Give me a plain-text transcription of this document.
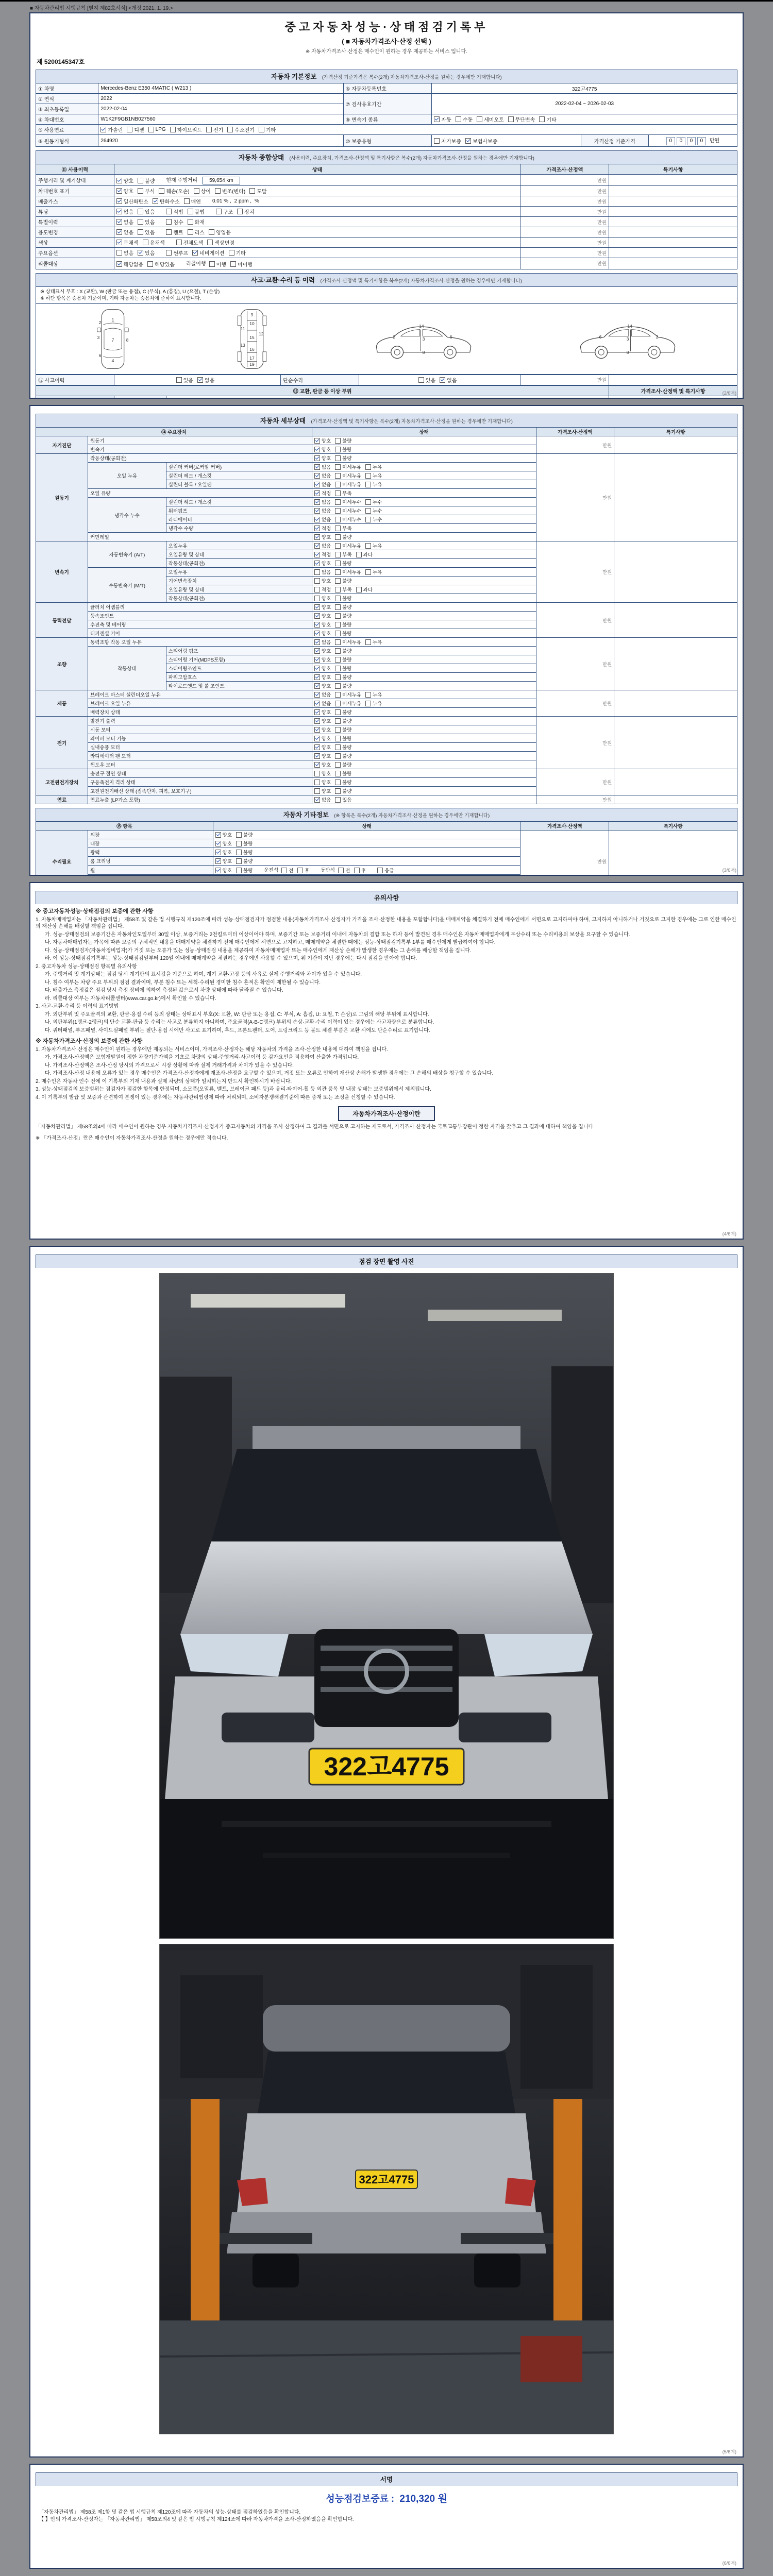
■ 자동차관리법 시행규칙 [별지 제82호서식] <개정 2021. 1. 19.>
중고자동차성능·상태점검기록부
( ■ 자동차가격조사·산정 선택 )
※ 자동차가격조사·산정은 매수인이 원하는 경우 제공하는 서비스 입니다.
제 5200145347호
자동차 기본정보 (가격산정 기준가격은 복수(2개) 자동차가격조사·산정을 원하는 경우에만 기재합니다)
① 차명	Mercedes-Benz E350 4MATIC ( W213 )	⑥ 자동차등록번호	322고4775		
② 연식	2022	⑦ 검사유효기간	2022-02-04 ~ 2026-02-03		
③ 최초등록일	2022-02-04				
④ 차대번호	W1K2F9GB1NB027560	⑧ 변속기 종류	자동 수동 세미오토 무단변속 기타		

⑤ 사용연료	가솔린 디젤 LPG 하이브리드 전기 수소전기 기타

⑨ 원동기형식	264920	⑩ 보증유형	자가보증 보험사보증	가격산정 기준가격	0 0 0 0 만원
자동차 종합상태 (사용이력, 주요장치, 가격조사·산정액 및 특기사항은 복수(2개) 자동차가격조사·산정을 원하는 경우에만 기재합니다)
⑪ 사용이력	상태	가격조사·산정액	특기사항
주행거리 및 계기상태	양호 불량 현재 주행거리 59,654 km	만원	
차대번호 표기	양호 부식 훼손(오손) 상이 변조(변타) 도말	만원	
배출가스	일산화탄소 탄화수소 매연 0.01 % , 2 ppm , %	만원	
튜닝	없음 있음	적법 불법	구조 장치	만원	
특별이력	없음 있음 침수 화재	만원	
용도변경	없음 있음 렌트 리스 영업용	만원	
색상	무채색 유채색 전체도색 색상변경	만원	
주요옵션	없음 있음 썬루프 네비게이션 기타	만원	
리콜대상	해당없음 해당있음 리콜이행 이행 미이행	만원	
사고·교환·수리 등 이력 (가격조사·산정액 및 특기사항은 복수(2개) 자동차가격조사·산정을 원하는 경우에만 기재합니다)
※ 상태표시 부호 : X (교환), W (판금 또는 용접), C (부식), A (흠집), U (요철), T (손상)
※ 하단 항목은 승용차 기준이며, 기타 자동차는 승용차에 준하여 표시합니다.
1
2
3	7	8
6
4
9
10
11
12
15
13
16
17
19
14
2	3	6
8
14
6	3	2
8
⑫ 사고이력	있음 없음	단순수리	있음 없음	만원	
⑬ 교환, 판금 등 이상 부위			가격조사·산정액 및 특기사항

		(2/6매)
자동차 세부상태 (가격조사·산정액 및 특기사항은 복수(2개) 자동차가격조사·산정을 원하는 경우에만 기재합니다)
⑭ 주요장치			상태	가격조사·산정액	특기사항
자기진단	원동기		양호 불량	만원	
	변속기		양호 불량		

원동기	작동상태(공회전)		양호 불량	만원	
	오일 누유	실린더 커버(로커암 커버)	없음 미세누유 누유		

		실린더 헤드 / 개스킷	없음 미세누유 누유		

		실린더 블록 / 오일팬	없음 미세누유 누유		

	오일 유량		적정 부족		

	냉각수 누수	실린더 헤드 / 개스킷	없음 미세누수 누수		

		워터펌프	없음 미세누수 누수		

		라디에이터	없음 미세누수 누수		

		냉각수 수량	적정 부족		

	커먼레일		양호 불량		

변속기	자동변속기 (A/T)	오일누유	없음 미세누유 누유	만원	
		오일유량 및 상태	적정 부족 과다		

		작동상태(공회전)	양호 불량		

	수동변속기 (M/T)	오일누유	없음 미세누유 누유		

		기어변속장치	양호 불량		

		오일유량 및 상태	적정 부족 과다		

		작동상태(공회전)	양호 불량		

동력전달	클러치 어셈블리		양호 불량	만원	
	등속조인트		양호 불량		

	추진축 및 베어링		양호 불량		

	디퍼렌셜 기어		양호 불량		

조향	동력조향 작동 오일 누유		없음 미세누유 누유	만원	
	작동상태	스티어링 펌프	양호 불량		

		스티어링 기어(MDPS포함)	양호 불량		

		스티어링조인트	양호 불량		

		파워고압호스	양호 불량		

		타이로드엔드 및 볼 조인트	양호 불량		

제동	브레이크 마스터 실린더오일 누유		없음 미세누유 누유	만원	
	브레이크 오일 누유		없음 미세누유 누유		

	배력장치 상태		양호 불량		

전기	발전기 출력		양호 불량	만원	
	시동 모터		양호 불량		

	와이퍼 모터 기능		양호 불량		

	실내송풍 모터		양호 불량		

	라디에이터 팬 모터		양호 불량		

	윈도우 모터		양호 불량		

고전원전기장치	충전구 절연 상태		양호 불량	만원	
	구동축전지 격리 상태		양호 불량		

	고전원전기배선 상태 (접속단자, 피복, 보호기구)		양호 불량		

연료	연료누출 (LP가스 포함)		없음 있음	만원	
자동차 기타정보 (※ 항목은 복수(2개) 자동차가격조사·산정을 원하는 경우에만 기재합니다)
⑮ 항목		상태	가격조사·산정액	특기사항
수리필요	외장	양호 불량	만원	
	내장	양호 불량		

	광택	양호 불량		

	룸 크리닝	양호 불량		

휠	양호 불량 운전석 전 후 동반석 전 후	응급

		(3/6매)
유의사항
※ 중고자동차성능·상태점검의 보증에 관한 사항
1. 자동차매매업자는 「자동차관리법」 제58조 및 같은 법 시행규칙 제120조에 따라 성능·상태점검자가 점검한 내용(자동차가격조사·산정자가 가격을 조사·산정한 내용을 포함합니다)을 매매계약을 체결하기 전에 매수인에게 서면으로 고지하여야 하며, 고지하지 아니하거나 거짓으로 고지한 경우에는 그로 인한 매수인의 재산상 손해를 배상할 책임을 집니다.
가. 성능·상태점검의 보증기간은 자동차인도일부터 30일 이상, 보증거리는 2천킬로미터 이상이어야 하며, 보증기간 또는 보증거리 이내에 자동차의 결함 또는 하자 등이 발견된 경우 매수인은 자동차매매업자에게 무상수리 또는 수리비용의 보상을 요구할 수 있습니다.
나. 자동차매매업자는 가목에 따른 보증의 구체적인 내용을 매매계약을 체결하기 전에 매수인에게 서면으로 고지하고, 매매계약을 체결한 때에는 성능·상태점검기록부 1부를 매수인에게 발급하여야 합니다.
다. 성능·상태점검자(자동차정비업자)가 거짓 또는 오류가 있는 성능·상태점검 내용을 제공하여 자동차매매업자 또는 매수인에게 재산상 손해가 발생한 경우에는 그 손해를 배상할 책임을 집니다.
라. 이 성능·상태점검기록부는 성능·상태점검일부터 120일 이내에 매매계약을 체결하는 경우에만 사용할 수 있으며, 위 기간이 지난 경우에는 다시 점검을 받아야 합니다.
2. 중고자동차 성능·상태점검 항목별 유의사항
가. 주행거리 및 계기상태는 점검 당시 계기판의 표시값을 기준으로 하며, 계기 교환·고장 등의 사유로 실제 주행거리와 차이가 있을 수 있습니다.
나. 침수 여부는 차량 주요 부위의 점검 결과이며, 부분 침수 또는 세척·수리된 경미한 침수 흔적은 확인이 제한될 수 있습니다.
다. 배출가스 측정값은 점검 당시 측정 장비에 의하여 측정된 값으로서 차량 상태에 따라 달라질 수 있습니다.
라. 리콜대상 여부는 자동차리콜센터(www.car.go.kr)에서 확인할 수 있습니다.
3. 사고·교환·수리 등 이력의 표기방법
가. 외판부위 및 주요골격의 교환, 판금·용접 수리 등의 상태는 상태표시 부호(X: 교환, W: 판금 또는 용접, C: 부식, A: 흠집, U: 요철, T: 손상)로 그림의 해당 부위에 표시합니다.
나. 외판부위(1랭크·2랭크)의 단순 교환·판금 등 수리는 사고로 분류하지 아니하며, 주요골격(A·B·C랭크) 부위의 손상·교환·수리 이력이 있는 경우에는 사고차량으로 분류합니다.
다. 쿼터패널, 루프패널, 사이드실패널 부위는 절단·용접 시에만 사고로 표기하며, 후드, 프론트펜더, 도어, 트렁크리드 등 볼트 체결 부품은 교환 시에도 단순수리로 표기합니다.
※ 자동차가격조사·산정의 보증에 관한 사항
1. 자동차가격조사·산정은 매수인이 원하는 경우에만 제공되는 서비스이며, 가격조사·산정자는 해당 자동차의 가격을 조사·산정한 내용에 대하여 책임을 집니다.
가. 가격조사·산정액은 보험개발원이 정한 차량기준가액을 기초로 차량의 상태·주행거리·사고이력 등 감가요인을 적용하여 산출한 가격입니다.
나. 가격조사·산정액은 조사·산정 당시의 가격으로서 시장 상황에 따라 실제 거래가격과 차이가 있을 수 있습니다.
다. 가격조사·산정 내용에 오류가 있는 경우 매수인은 가격조사·산정자에게 재조사·산정을 요구할 수 있으며, 거짓 또는 오류로 인하여 재산상 손해가 발생한 경우에는 그 손해의 배상을 청구할 수 있습니다.
2. 매수인은 자동차 인수 전에 이 기록부의 기재 내용과 실제 차량의 상태가 일치하는지 반드시 확인하시기 바랍니다.
3. 성능·상태점검의 보증범위는 점검자가 점검한 항목에 한정되며, 소모품(오일류, 벨트, 브레이크 패드 등)과 유리·타이어·휠 등 외관 품목 및 내장 상태는 보증범위에서 제외됩니다.
4. 이 기록부의 발급 및 보증과 관련하여 분쟁이 있는 경우에는 자동차관리법령에 따라 처리되며, 소비자분쟁해결기준에 따른 중재 또는 조정을 신청할 수 있습니다.
자동차가격조사·산정이란
「자동차관리법」 제58조의4에 따라 매수인이 원하는 경우 자동차가격조사·산정자가 중고자동차의 가격을 조사·산정하여 그 결과를 서면으로 고지하는 제도로서, 가격조사·산정자는 국토교통부장관이 정한 자격을 갖추고 그 결과에 대하여 책임을 집니다.
※ 「가격조사·산정」란은 매수인이 자동차가격조사·산정을 원하는 경우에만 적습니다.
(4/6매)
점검 장면 촬영 사진
322고4775
322고4775
(5/6매)
서명
성능점검보증료 : 210,320 원
「자동차관리법」 제58조 제1항 및 같은 법 시행규칙 제120조에 따라 자동차의 성능·상태를 점검하였음을 확인합니다.
【 】안의 가격조사·산정자는 「자동차관리법」 제58조의4 및 같은 법 시행규칙 제124조에 따라 자동차가격을 조사·산정하였음을 확인합니다.
(6/6매)
